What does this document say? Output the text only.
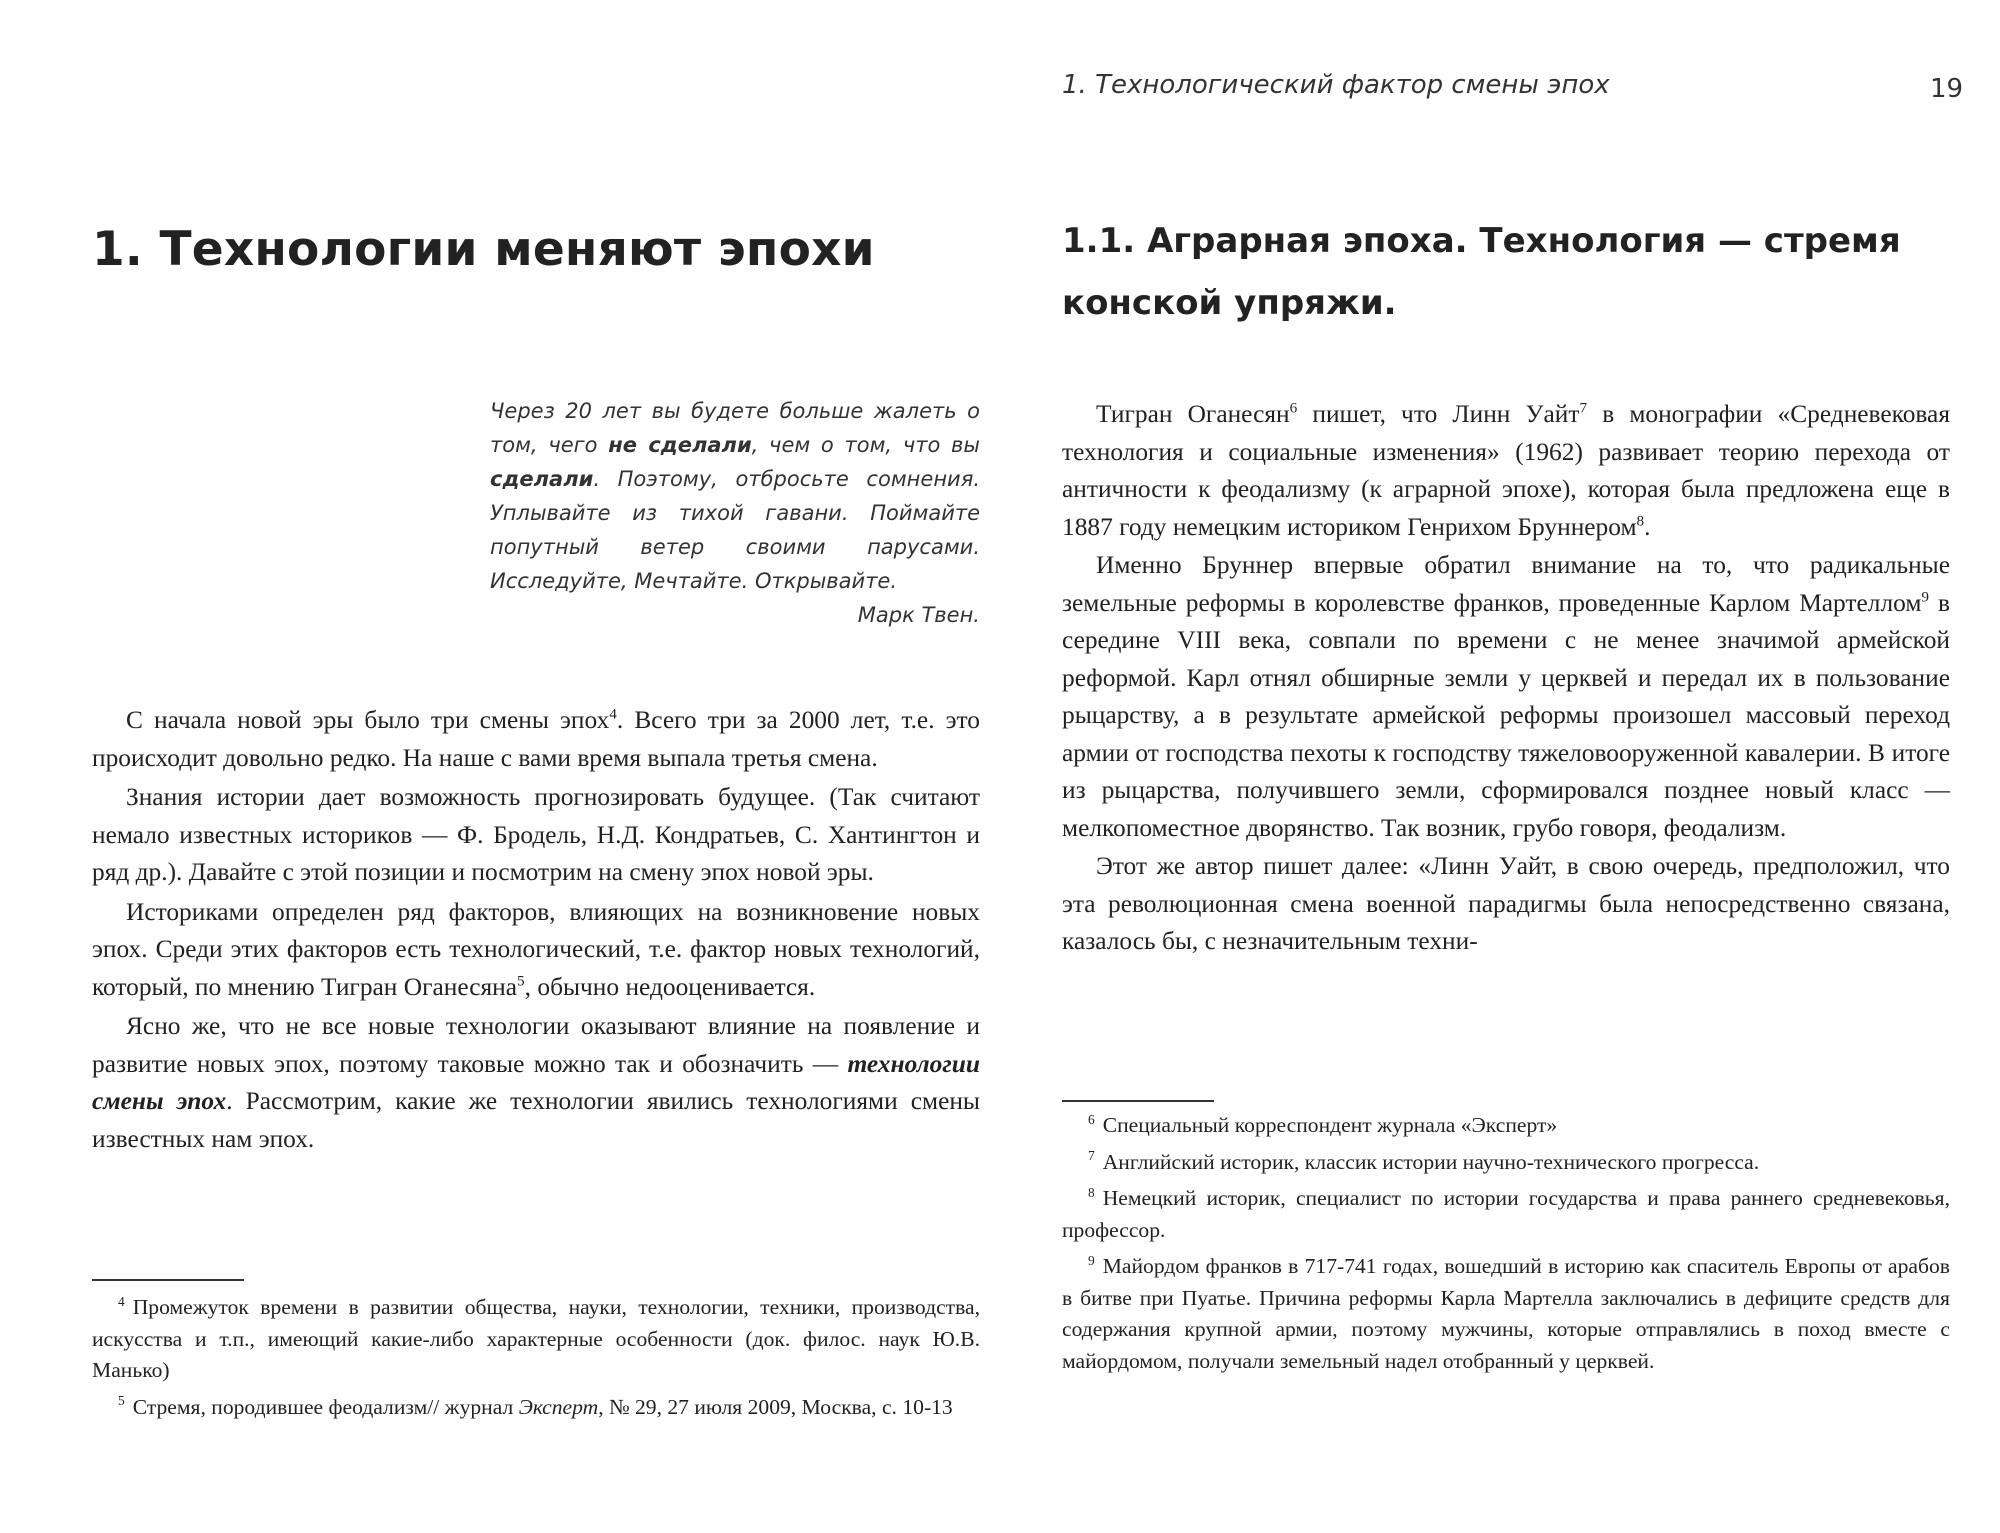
1. Технологический фактор смены эпох	19
1. Технологии меняют эпохи

Через 20 лет вы будете больше жалеть о том, чего не сделали, чем о том, что вы сделали. Поэтому, отбросьте сомнения. Уплывайте из тихой гавани. Поймайте попутный ветер своими парусами. Исследуйте, Мечтайте. Открывайте.

Марк Твен.

С начала новой эры было три смены эпох$^4$. Всего три за 2000 лет, т.е. это происходит довольно редко. На наше с вами время выпала третья смена.

Знания истории дает возможность прогнозировать будущее. (Так считают немало известных историков — Ф. Бродель, Н.Д. Кондратьев, С. Хантингтон и ряд др.). Давайте с этой позиции и посмотрим на смену эпох новой эры.

Историками определен ряд факторов, влияющих на возникновение новых эпох. Среди этих факторов есть технологический, т.е. фактор новых технологий, который, по мнению Тигран Оганесяна$^5$, обычно недооценивается.

Ясно же, что не все новые технологии оказывают влияние на появление и развитие новых эпох, поэтому таковые можно так и обозначить — технологии смены эпох. Рассмотрим, какие же технологии явились технологиями смены известных нам эпох.

$^4$ Промежуток времени в развитии общества, науки, технологии, техники, производства, искусства и т.п., имеющий какие-либо характерные особенности (док. филос. наук Ю.В. Манько)

$^5$ Стремя, породившее феодализм// журнал Эксперт, № 29, 27 июля 2009, Москва, с. 10-13

1.1. Аграрная эпоха. Технология — стремя конской упряжи.

Тигран Оганесян$^6$ пишет, что Линн Уайт$^7$ в монографии «Средневековая технология и социальные изменения» (1962) развивает теорию перехода от античности к феодализму (к аграрной эпохе), которая была предложена еще в 1887 году немецким историком Генрихом Бруннером$^8$.

Именно Бруннер впервые обратил внимание на то, что радикальные земельные реформы в королевстве франков, проведенные Карлом Мартеллом$^9$ в середине VIII века, совпали по времени с не менее значимой армейской реформой. Карл отнял обширные земли у церквей и передал их в пользование рыцарству, а в результате армейской реформы произошел массовый переход армии от господства пехоты к господству тяжеловооруженной кавалерии. В итоге из рыцарства, получившего земли, сформировался позднее новый класс — мелкопоместное дворянство. Так возник, грубо говоря, феодализм.

Этот же автор пишет далее: «Линн Уайт, в свою очередь, предположил, что эта революционная смена военной парадигмы была непосредственно связана, казалось бы, с незначительным техни-

$^6$ Специальный корреспондент журнала «Эксперт»

$^7$ Английский историк, классик истории научно-технического прогресса.

$^8$ Немецкий историк, специалист по истории государства и права раннего средневековья, профессор.

$^9$ Майордом франков в 717-741 годах, вошедший в историю как спаситель Европы от арабов в битве при Пуатье. Причина реформы Карла Мартелла заключались в дефиците средств для содержания крупной армии, поэтому мужчины, которые отправлялись в поход вместе с майордомом, получали земельный надел отобранный у церквей.
